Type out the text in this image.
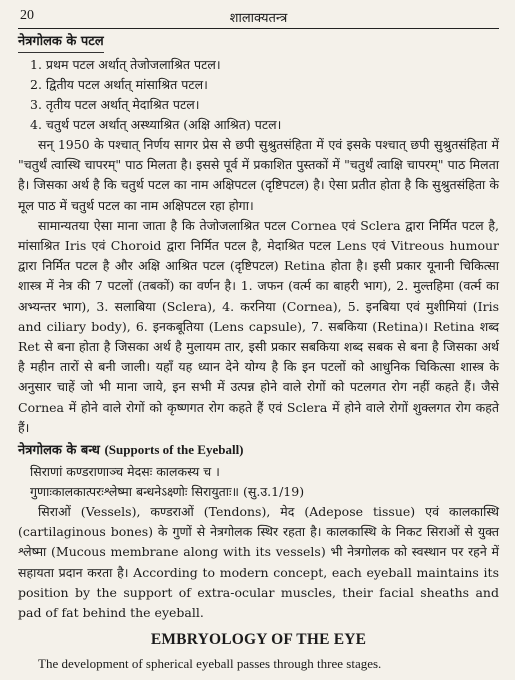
20	शालाक्यतन्त्र
नेत्रगोलक के पटल
1. प्रथम पटल अर्थात् तेजोजलाश्रित पटल।
2. द्वितीय पटल अर्थात् मांसाश्रित पटल।
3. तृतीय पटल अर्थात् मेदाश्रित पटल।
4. चतुर्थ पटल अर्थात् अस्थ्याश्रित (अक्षि आश्रित) पटल।

सन् 1950 के पश्चात् निर्णय सागर प्रेस से छपी सुश्रुतसंहिता में एवं इसके पश्चात् छपी सुश्रुतसंहिता में "चतुर्थं त्वास्थि चापरम्" पाठ मिलता है। इससे पूर्व में प्रकाशित पुस्तकों में "चतुर्थं त्वाक्षि चापरम्" पाठ मिलता है। जिसका अर्थ है कि चतुर्थ पटल का नाम अक्षिपटल (दृष्टिपटल) है। ऐसा प्रतीत होता है कि सुश्रुतसंहिता के मूल पाठ में चतुर्थ पटल का नाम अक्षिपटल रहा होगा।

सामान्यतया ऐसा माना जाता है कि तेजोजलाश्रित पटल Cornea एवं Sclera द्वारा निर्मित पटल है, मांसाश्रित Iris एवं Choroid द्वारा निर्मित पटल है, मेदाश्रित पटल Lens एवं Vitreous humour द्वारा निर्मित पटल है और अक्षि आश्रित पटल (दृष्टिपटल) Retina होता है। इसी प्रकार यूनानी चिकित्सा शास्त्र में नेत्र की 7 पटलों (तबकों) का वर्णन है। 1. जफन (वर्त्म का बाहरी भाग), 2. मुल्तहिमा (वर्त्म का अभ्यन्तर भाग), 3. सलाबिया (Sclera), 4. करनिया (Cornea), 5. इनबिया एवं मुशीमियां (Iris and ciliary body), 6. इनकबूतिया (Lens capsule), 7. सबकिया (Retina)। Retina शब्द Ret से बना होता है जिसका अर्थ है मुलायम तार, इसी प्रकार सबकिया शब्द सबक से बना है जिसका अर्थ है महीन तारों से बनी जाली। यहाँ यह ध्यान देने योग्य है कि इन पटलों को आधुनिक चिकित्सा शास्त्र के अनुसार चाहें जो भी माना जाये, इन सभी में उत्पन्न होने वाले रोगों को पटलगत रोग नहीं कहते हैं। जैसे Cornea में होने वाले रोगों को कृष्णगत रोग कहते हैं एवं Sclera में होने वाले रोगों शुक्लगत रोग कहते हैं।

नेत्रगोलक के बन्ध (Supports of the Eyeball)
सिराणां कण्डराणाञ्च मेदसः कालकस्य च ।
गुणाःकालकात्परःश्लेष्मा बन्धनेऽक्ष्णोः सिरायुताः॥ (सु.उ.1/19)

सिराओं (Vessels), कण्डराओं (Tendons), मेद (Adepose tissue) एवं कालकास्थि (cartilaginous bones) के गुणों से नेत्रगोलक स्थिर रहता है। कालकास्थि के निकट सिराओं से युक्त श्लेष्मा (Mucous membrane along with its vessels) भी नेत्रगोलक को स्वस्थान पर रहने में सहायता प्रदान करता है। According to modern concept, each eyeball maintains its position by the support of extra-ocular muscles, their facial sheaths and pad of fat behind the eyeball.

EMBRYOLOGY OF THE EYE

The development of spherical eyeball passes through three stages.
